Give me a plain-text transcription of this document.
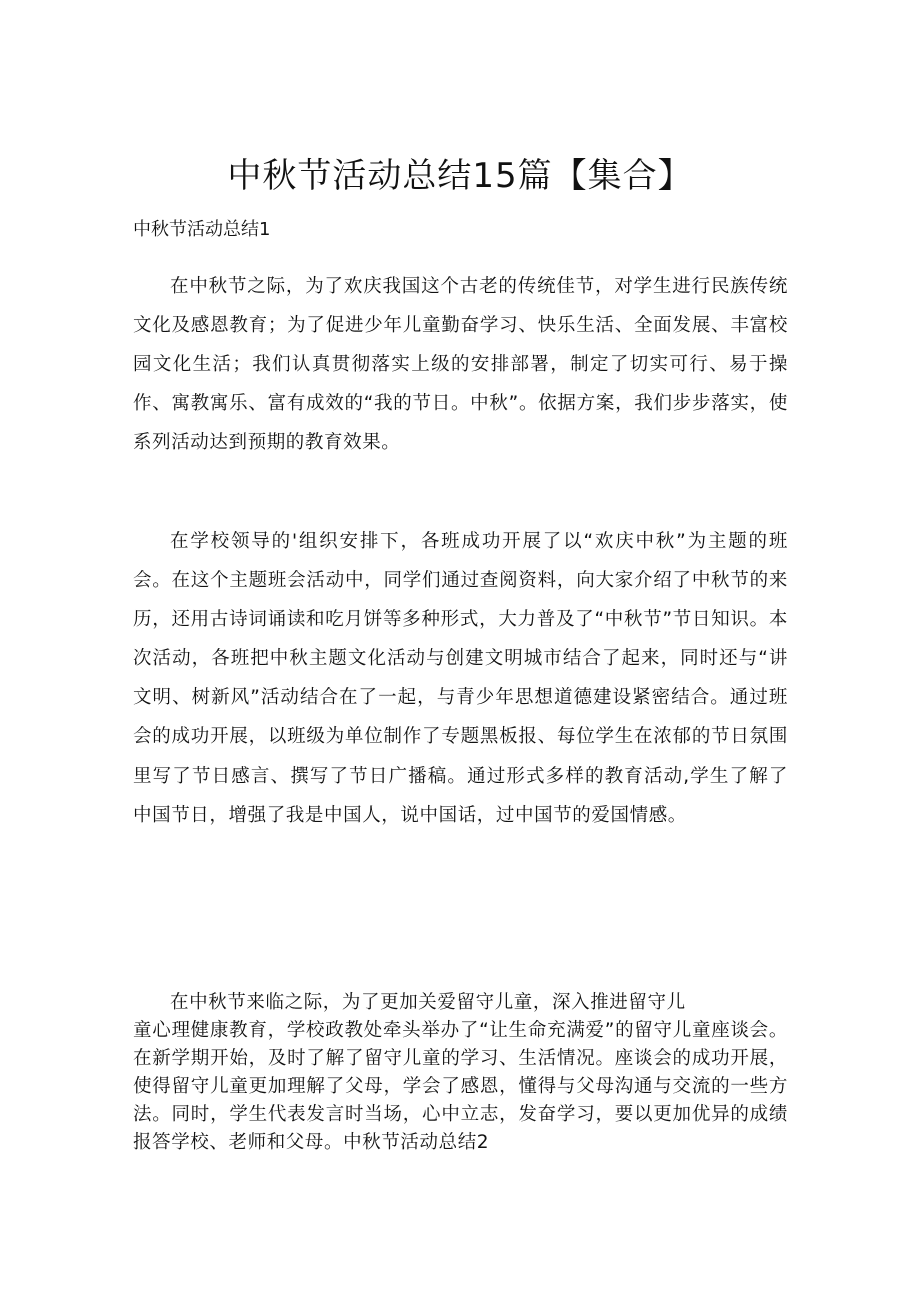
中秋节活动总结15篇【集合】
中秋节活动总结1

在中秋节之际，为了欢庆我国这个古老的传统佳节，对学生进行民族传统文化及感恩教育；为了促进少年儿童勤奋学习、快乐生活、全面发展、丰富校园文化生活；我们认真贯彻落实上级的安排部署，制定了切实可行、易于操作、寓教寓乐、富有成效的“我的节日。中秋”。依据方案，我们步步落实，使系列活动达到预期的教育效果。

在学校领导的'组织安排下，各班成功开展了以“欢庆中秋”为主题的班会。在这个主题班会活动中，同学们通过查阅资料，向大家介绍了中秋节的来历，还用古诗词诵读和吃月饼等多种形式，大力普及了“中秋节”节日知识。本次活动，各班把中秋主题文化活动与创建文明城市结合了起来，同时还与“讲文明、树新风”活动结合在了一起，与青少年思想道德建设紧密结合。通过班会的成功开展，以班级为单位制作了专题黑板报、每位学生在浓郁的节日氛围里写了节日感言、撰写了节日广播稿。通过形式多样的教育活动,学生了解了中国节日，增强了我是中国人，说中国话，过中国节的爱国情感。

在中秋节来临之际，为了更加关爱留守儿童，深入推进留守儿

童心理健康教育，学校政教处牵头举办了“让生命充满爱”的留守儿童座谈会。在新学期开始，及时了解了留守儿童的学习、生活情况。座谈会的成功开展，使得留守儿童更加理解了父母，学会了感恩，懂得与父母沟通与交流的一些方法。同时，学生代表发言时当场，心中立志，发奋学习，要以更加优异的成绩报答学校、老师和父母。中秋节活动总结2
